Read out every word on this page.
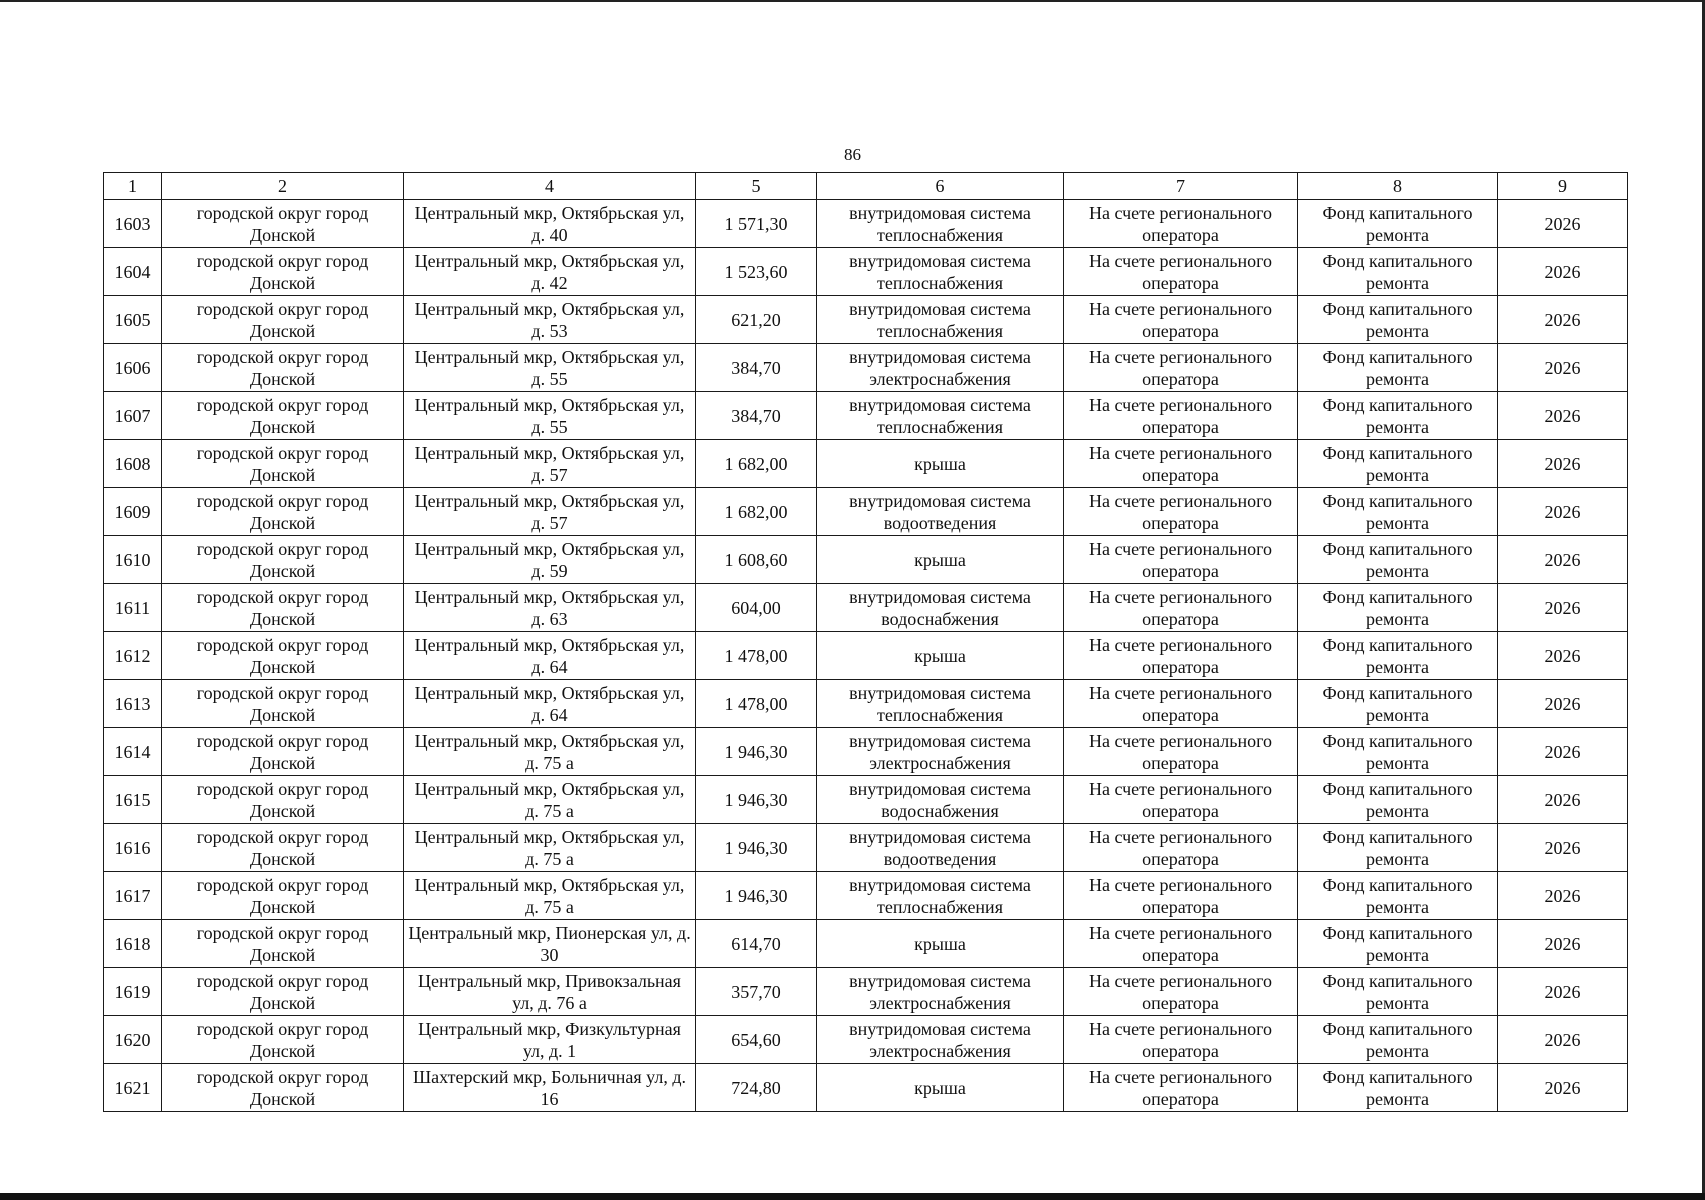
86
1	2	4	5	6	7	8	9

1603	городской округ город Донской	Центральный мкр, Октябрьская ул, д. 40	1 571,30	внутридомовая система теплоснабжения	На счете регионального оператора	Фонд капитального ремонта	2026

1604	городской округ город Донской	Центральный мкр, Октябрьская ул, д. 42	1 523,60	внутридомовая система теплоснабжения	На счете регионального оператора	Фонд капитального ремонта	2026

1605	городской округ город Донской	Центральный мкр, Октябрьская ул, д. 53	621,20	внутридомовая система теплоснабжения	На счете регионального оператора	Фонд капитального ремонта	2026

1606	городской округ город Донской	Центральный мкр, Октябрьская ул, д. 55	384,70	внутридомовая система электроснабжения	На счете регионального оператора	Фонд капитального ремонта	2026

1607	городской округ город Донской	Центральный мкр, Октябрьская ул, д. 55	384,70	внутридомовая система теплоснабжения	На счете регионального оператора	Фонд капитального ремонта	2026

1608	городской округ город Донской	Центральный мкр, Октябрьская ул, д. 57	1 682,00	крыша	На счете регионального оператора	Фонд капитального ремонта	2026

1609	городской округ город Донской	Центральный мкр, Октябрьская ул, д. 57	1 682,00	внутридомовая система водоотведения	На счете регионального оператора	Фонд капитального ремонта	2026

1610	городской округ город Донской	Центральный мкр, Октябрьская ул, д. 59	1 608,60	крыша	На счете регионального оператора	Фонд капитального ремонта	2026

1611	городской округ город Донской	Центральный мкр, Октябрьская ул, д. 63	604,00	внутридомовая система водоснабжения	На счете регионального оператора	Фонд капитального ремонта	2026

1612	городской округ город Донской	Центральный мкр, Октябрьская ул, д. 64	1 478,00	крыша	На счете регионального оператора	Фонд капитального ремонта	2026

1613	городской округ город Донской	Центральный мкр, Октябрьская ул, д. 64	1 478,00	внутридомовая система теплоснабжения	На счете регионального оператора	Фонд капитального ремонта	2026

1614	городской округ город Донской	Центральный мкр, Октябрьская ул, д. 75 а	1 946,30	внутридомовая система электроснабжения	На счете регионального оператора	Фонд капитального ремонта	2026

1615	городской округ город Донской	Центральный мкр, Октябрьская ул, д. 75 а	1 946,30	внутридомовая система водоснабжения	На счете регионального оператора	Фонд капитального ремонта	2026

1616	городской округ город Донской	Центральный мкр, Октябрьская ул, д. 75 а	1 946,30	внутридомовая система водоотведения	На счете регионального оператора	Фонд капитального ремонта	2026

1617	городской округ город Донской	Центральный мкр, Октябрьская ул, д. 75 а	1 946,30	внутридомовая система теплоснабжения	На счете регионального оператора	Фонд капитального ремонта	2026

1618	городской округ город Донской	Центральный мкр, Пионерская ул, д. 30	614,70	крыша	На счете регионального оператора	Фонд капитального ремонта	2026

1619	городской округ город Донской	Центральный мкр, Привокзальная ул, д. 76 а	357,70	внутридомовая система электроснабжения	На счете регионального оператора	Фонд капитального ремонта	2026

1620	городской округ город Донской	Центральный мкр, Физкультурная ул, д. 1	654,60	внутридомовая система электроснабжения	На счете регионального оператора	Фонд капитального ремонта	2026

1621	городской округ город Донской	Шахтерский мкр, Больничная ул, д. 16	724,80	крыша	На счете регионального оператора	Фонд капитального ремонта	2026
